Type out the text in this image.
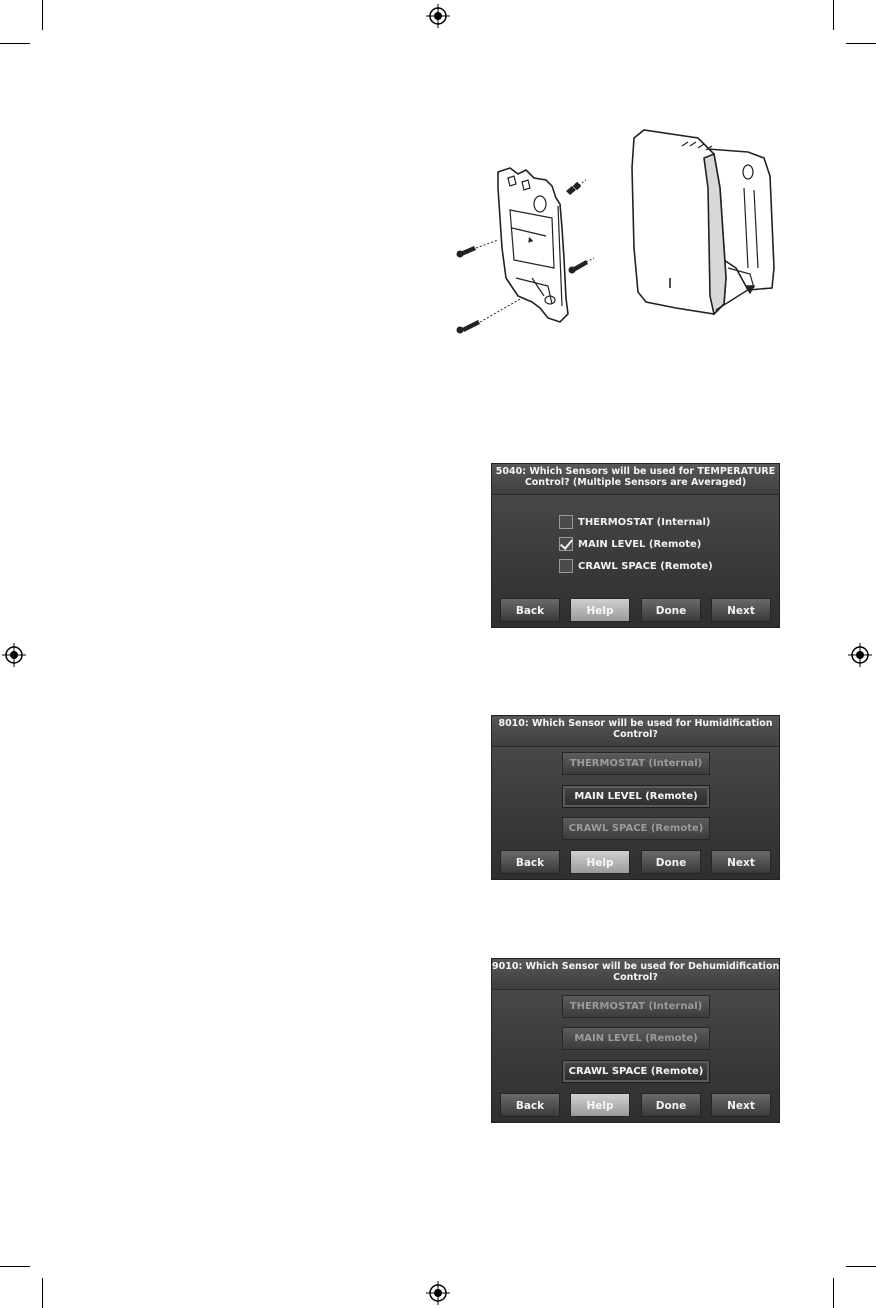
▲
5040: Which Sensors will be used for TEMPERATURE
Control? (Multiple Sensors are Averaged)
THERMOSTAT (Internal)
MAIN LEVEL (Remote)
CRAWL SPACE (Remote)
Back	Help	Done	Next
8010: Which Sensor will be used for Humidification
Control?
THERMOSTAT (Internal)
MAIN LEVEL (Remote)
CRAWL SPACE (Remote)
Back	Help	Done	Next
9010: Which Sensor will be used for Dehumidification
Control?
THERMOSTAT (Internal)
MAIN LEVEL (Remote)
CRAWL SPACE (Remote)
Back	Help	Done	Next
